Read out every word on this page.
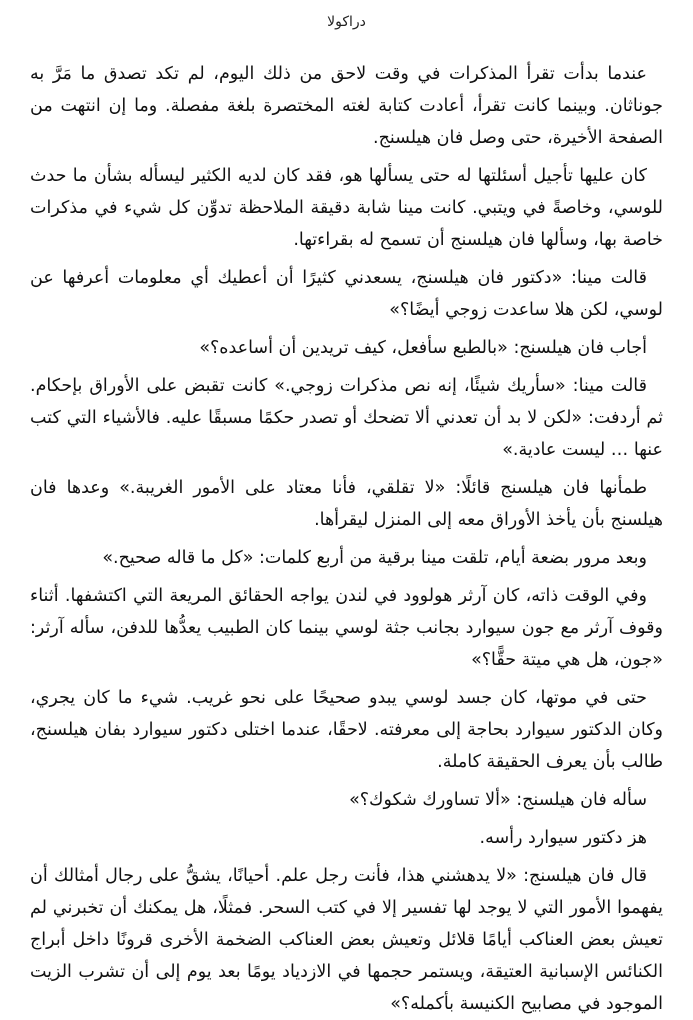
دراكولا

عندما بدأت تقرأ المذكرات في وقت لاحق من ذلك اليوم، لم تكد تصدق ما مَرَّ به جوناثان. وبينما كانت تقرأ، أعادت كتابة لغته المختصرة بلغة مفصلة. وما إن انتهت من الصفحة الأخيرة، حتى وصل فان هيلسنج.

كان عليها تأجيل أسئلتها له حتى يسألها هو، فقد كان لديه الكثير ليسأله بشأن ما حدث للوسي، وخاصةً في ويتبي. كانت مينا شابة دقيقة الملاحظة تدوِّن كل شيء في مذكرات خاصة بها، وسألها فان هيلسنج أن تسمح له بقراءتها.

قالت مينا: «دكتور فان هيلسنج، يسعدني كثيرًا أن أعطيك أي معلومات أعرفها عن لوسي، لكن هلا ساعدت زوجي أيضًا؟»

أجاب فان هيلسنج: «بالطبع سأفعل، كيف تريدين أن أساعده؟»

قالت مينا: «سأريك شيئًا، إنه نص مذكرات زوجي.» كانت تقبض على الأوراق بإحكام. ثم أردفت: «لكن لا بد أن تعدني ألا تضحك أو تصدر حكمًا مسبقًا عليه. فالأشياء التي كتب عنها … ليست عادية.»

طمأنها فان هيلسنج قائلًا: «لا تقلقي، فأنا معتاد على الأمور الغريبة.» وعدها فان هيلسنج بأن يأخذ الأوراق معه إلى المنزل ليقرأها.

وبعد مرور بضعة أيام، تلقت مينا برقية من أربع كلمات: «كل ما قاله صحيح.»

وفي الوقت ذاته، كان آرثر هولوود في لندن يواجه الحقائق المريعة التي اكتشفها. أثناء وقوف آرثر مع جون سيوارد بجانب جثة لوسي بينما كان الطبيب يعدُّها للدفن، سأله آرثر: «جون، هل هي ميتة حقًّا؟»

حتى في موتها، كان جسد لوسي يبدو صحيحًا على نحو غريب. شيء ما كان يجري، وكان الدكتور سيوارد بحاجة إلى معرفته. لاحقًا، عندما اختلى دكتور سيوارد بفان هيلسنج، طالب بأن يعرف الحقيقة كاملة.

سأله فان هيلسنج: «ألا تساورك شكوك؟»

هز دكتور سيوارد رأسه.

قال فان هيلسنج: «لا يدهشني هذا، فأنت رجل علم. أحيانًا، يشقُّ على رجال أمثالك أن يفهموا الأمور التي لا يوجد لها تفسير إلا في كتب السحر. فمثلًا، هل يمكنك أن تخبرني لم تعيش بعض العناكب أيامًا قلائل وتعيش بعض العناكب الضخمة الأخرى قرونًا داخل أبراج الكنائس الإسبانية العتيقة، ويستمر حجمها في الازدياد يومًا بعد يوم إلى أن تشرب الزيت الموجود في مصابيح الكنيسة بأكمله؟»
